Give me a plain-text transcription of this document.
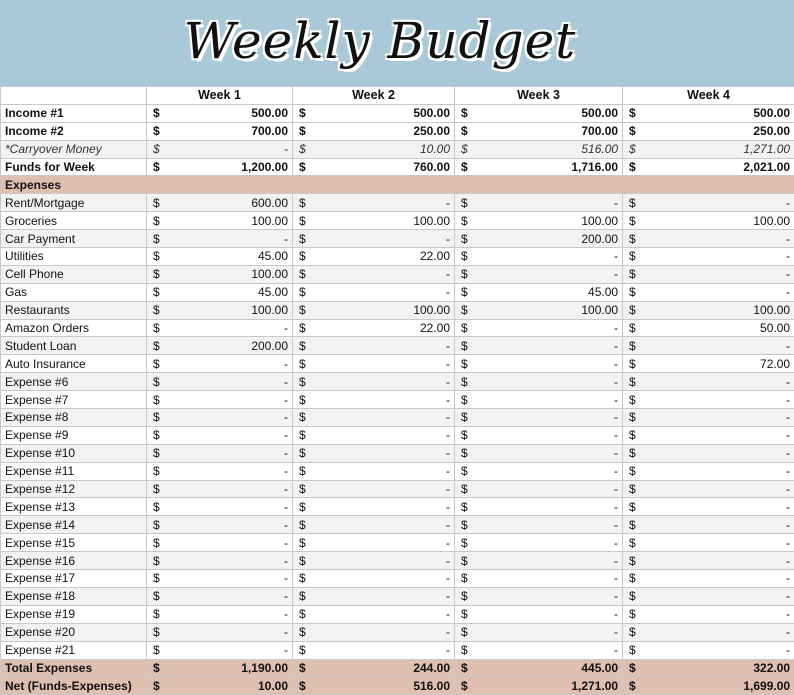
Weekly Budget
	Week 1		Week 2		Week 3		Week 4	
Income #1	$	500.00	$	500.00	$	500.00	$	500.00
Income #2	$	700.00	$	250.00	$	700.00	$	250.00
*Carryover Money	$	-	$	10.00	$	516.00	$	1,271.00
Funds for Week	$	1,200.00	$	760.00	$	1,716.00	$	2,021.00
Expenses								
Rent/Mortgage	$	600.00	$	-	$	-	$	-
Groceries	$	100.00	$	100.00	$	100.00	$	100.00
Car Payment	$	-	$	-	$	200.00	$	-
Utilities	$	45.00	$	22.00	$	-	$	-
Cell Phone	$	100.00	$	-	$	-	$	-
Gas	$	45.00	$	-	$	45.00	$	-
Restaurants	$	100.00	$	100.00	$	100.00	$	100.00
Amazon Orders	$	-	$	22.00	$	-	$	50.00
Student Loan	$	200.00	$	-	$	-	$	-
Auto Insurance	$	-	$	-	$	-	$	72.00
Expense #6	$	-	$	-	$	-	$	-
Expense #7	$	-	$	-	$	-	$	-
Expense #8	$	-	$	-	$	-	$	-
Expense #9	$	-	$	-	$	-	$	-
Expense #10	$	-	$	-	$	-	$	-
Expense #11	$	-	$	-	$	-	$	-
Expense #12	$	-	$	-	$	-	$	-
Expense #13	$	-	$	-	$	-	$	-
Expense #14	$	-	$	-	$	-	$	-
Expense #15	$	-	$	-	$	-	$	-
Expense #16	$	-	$	-	$	-	$	-
Expense #17	$	-	$	-	$	-	$	-
Expense #18	$	-	$	-	$	-	$	-
Expense #19	$	-	$	-	$	-	$	-
Expense #20	$	-	$	-	$	-	$	-
Expense #21	$	-	$	-	$	-	$	-
Total Expenses	$	1,190.00	$	244.00	$	445.00	$	322.00
Net (Funds-Expenses)	$	10.00	$	516.00	$	1,271.00	$	1,699.00
